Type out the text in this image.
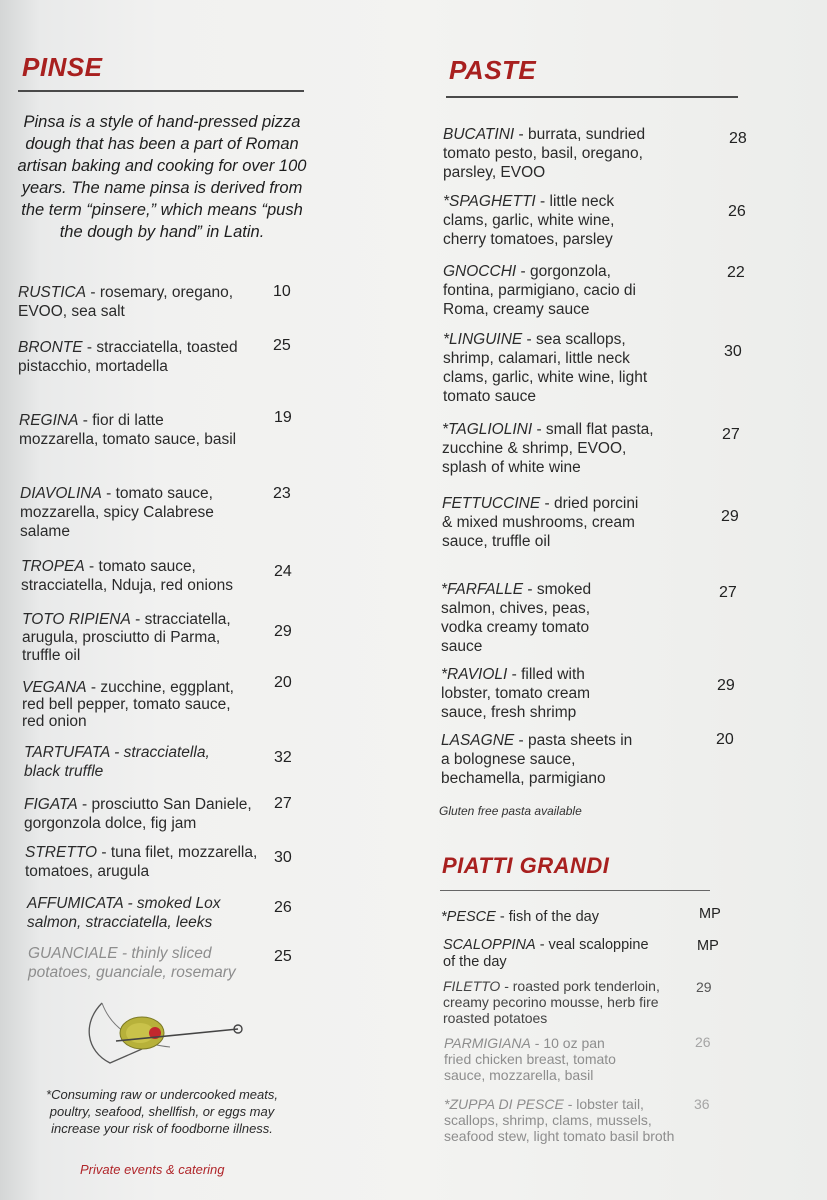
PINSE
Pinsa is a style of hand-pressed pizza dough that has been a part of Roman artisan baking and cooking for over 100 years. The name pinsa is derived from the term “pinsere,” which means “push the dough by hand” in Latin.
RUSTICA - rosemary, oregano, EVOO, sea salt
10
BRONTE - stracciatella, toasted pistacchio, mortadella
25
REGINA - fior di latte mozzarella, tomato sauce, basil
19
DIAVOLINA - tomato sauce, mozzarella, spicy Calabrese salame
23
TROPEA - tomato sauce, stracciatella, Nduja, red onions
24
TOTO RIPIENA - stracciatella, arugula, prosciutto di Parma, truffle oil
29
VEGANA - zucchine, eggplant, red bell pepper, tomato sauce, red onion
20
TARTUFATA - stracciatella, black truffle
32
FIGATA - prosciutto San Daniele, gorgonzola dolce, fig jam
27
STRETTO - tuna filet, mozzarella, tomatoes, arugula
30
AFFUMICATA - smoked Lox salmon, stracciatella, leeks
26
GUANCIALE - thinly sliced potatoes, guanciale, rosemary
25
*Consuming raw or undercooked meats, poultry, seafood, shellfish, or eggs may increase your risk of foodborne illness.
Private events & catering
PASTE
BUCATINI - burrata, sundried tomato pesto, basil, oregano, parsley, EVOO
28
*SPAGHETTI - little neck clams, garlic, white wine, cherry tomatoes, parsley
26
GNOCCHI - gorgonzola, fontina, parmigiano, cacio di Roma, creamy sauce
22
*LINGUINE - sea scallops, shrimp, calamari, little neck clams, garlic, white wine, light tomato sauce
30
*TAGLIOLINI - small flat pasta, zucchine & shrimp, EVOO, splash of white wine
27
FETTUCCINE - dried porcini & mixed mushrooms, cream sauce, truffle oil
29
*FARFALLE - smoked salmon, chives, peas, vodka creamy tomato sauce
27
*RAVIOLI - filled with lobster, tomato cream sauce, fresh shrimp
29
LASAGNE - pasta sheets in a bolognese sauce, bechamella, parmigiano
20
Gluten free pasta available
PIATTI GRANDI
*PESCE - fish of the day	MP
SCALOPPINA - veal scaloppine of the day
MP
FILETTO - roasted pork tenderloin, creamy pecorino mousse, herb fire roasted potatoes
29
PARMIGIANA - 10 oz pan fried chicken breast, tomato sauce, mozzarella, basil
26
*ZUPPA DI PESCE - lobster tail, scallops, shrimp, clams, mussels, seafood stew, light tomato basil broth
36
